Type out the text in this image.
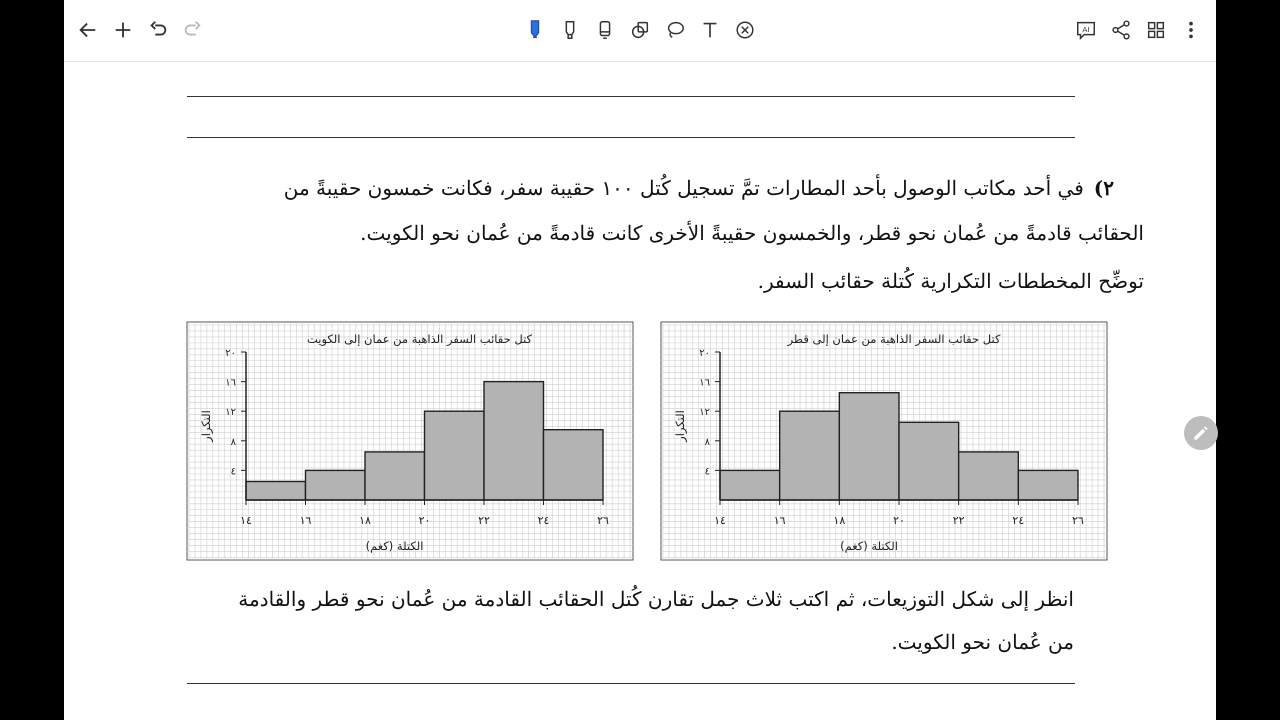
AI
٢)في أحد مكاتب الوصول بأحد المطارات تمَّ تسجيل كُتل ١٠٠ حقيبة سفر، فكانت خمسون حقيبةً من
الحقائب قادمةً من عُمان نحو قطر، والخمسون حقيبةً الأخرى كانت قادمةً من عُمان نحو الكويت.
توضِّح المخططات التكرارية كُتلة حقائب السفر.
انظر إلى شكل التوزيعات، ثم اكتب ثلاث جمل تقارن كُتل الحقائب القادمة من عُمان نحو قطر والقادمة
من عُمان نحو الكويت.
١٤	١٦	١٨	٢٠	٢٢	٢٤	٢٦
٤
٨
١٢
١٦
٢٠
كتل حقائب السفر الذاهبة من عمان إلى قطر
الكتلة (كغم)
التكرار
١٤	١٦	١٨	٢٠	٢٢	٢٤	٢٦
٤
٨
١٢
١٦
٢٠
كتل حقائب السفر الذاهبة من عمان إلى الكويت
الكتلة (كغم)
التكرار
